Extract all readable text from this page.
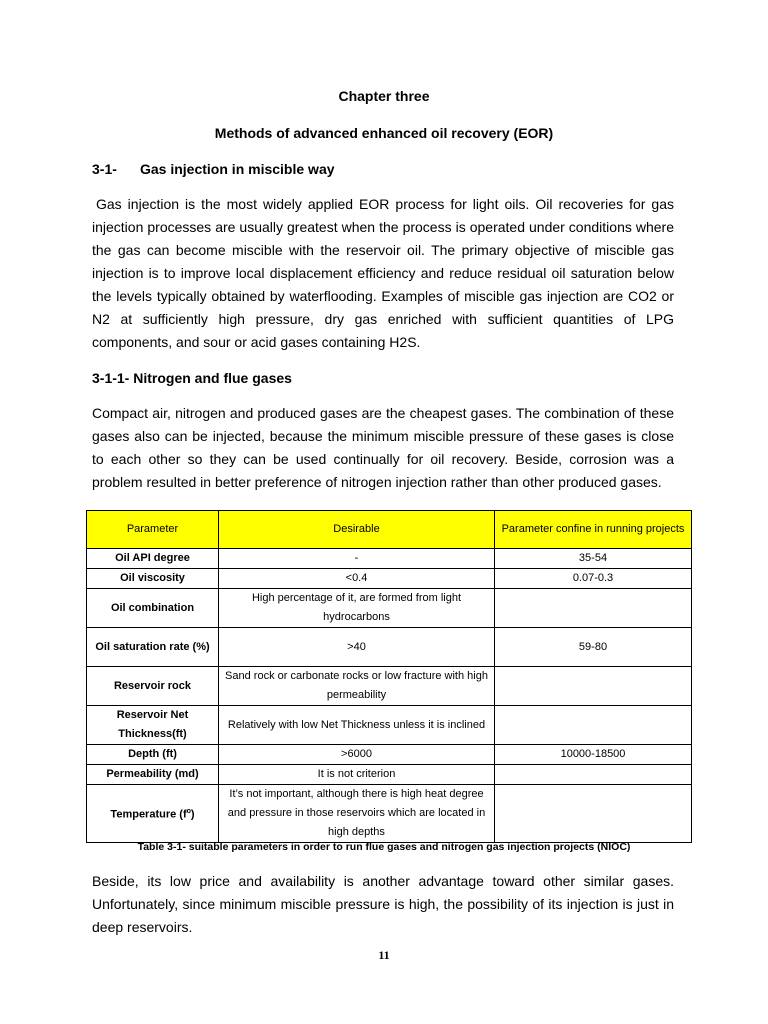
Chapter three
Methods of advanced enhanced oil recovery (EOR)
3-1- Gas injection in miscible way

Gas injection is the most widely applied EOR process for light oils. Oil recoveries for gas injection processes are usually greatest when the process is operated under conditions where the gas can become miscible with the reservoir oil. The primary objective of miscible gas injection is to improve local displacement efficiency and reduce residual oil saturation below the levels typically obtained by waterflooding. Examples of miscible gas injection are CO2 or N2 at sufficiently high pressure, dry gas enriched with sufficient quantities of LPG components, and sour or acid gases containing H2S.

3-1-1- Nitrogen and flue gases

Compact air, nitrogen and produced gases are the cheapest gases. The combination of these gases also can be injected, because the minimum miscible pressure of these gases is close to each other so they can be used continually for oil recovery. Beside, corrosion was a problem resulted in better preference of nitrogen injection rather than other produced gases.

Parameter	Desirable	Parameter confine in running projects
Oil API degree	-	35-54
Oil viscosity	<0.4	0.07-0.3
Oil combination	High percentage of it, are formed from light hydrocarbons	
Oil saturation rate (%)	>40	59-80
Reservoir rock	Sand rock or carbonate rocks or low fracture with high permeability	
Reservoir Net Thickness(ft)	Relatively with low Net Thickness unless it is inclined	
Depth (ft)	>6000	10000-18500
Permeability (md)	It is not criterion	
Temperature $(f^o)$	It’s not important, although there is high heat degree and pressure in those reservoirs which are located in high depths	
Table 3-1- suitable parameters in order to run flue gases and nitrogen gas injection projects (NIOC)

Beside, its low price and availability is another advantage toward other similar gases. Unfortunately, since minimum miscible pressure is high, the possibility of its injection is just in deep reservoirs.

11
